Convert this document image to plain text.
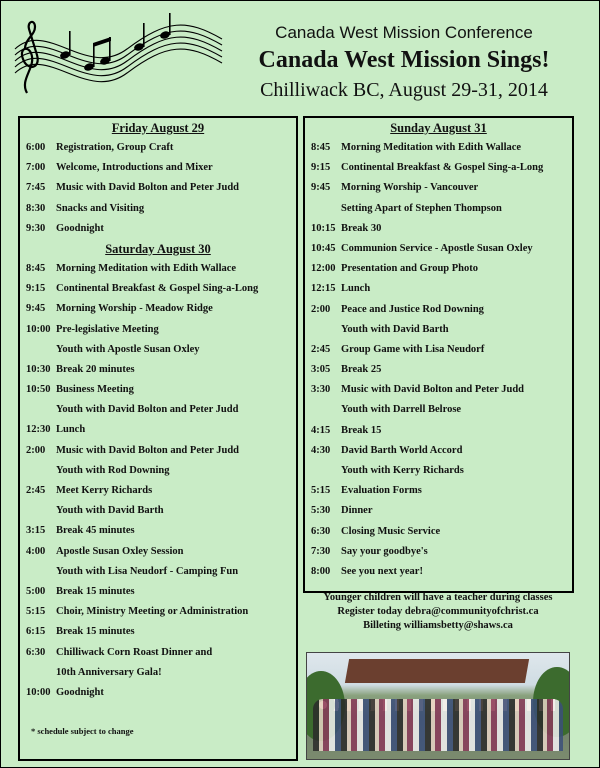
Canada West Mission Conference
Canada West Mission Sings!
Chilliwack BC, August 29-31, 2014
Friday August 29
6:00 Registration, Group Craft
7:00 Welcome, Introductions and Mixer
7:45 Music with David Bolton and Peter Judd
8:30 Snacks and Visiting
9:30 Goodnight
Saturday August 30
8:45 Morning Meditation with Edith Wallace
9:15 Continental Breakfast & Gospel Sing-a-Long
9:45 Morning Worship - Meadow Ridge
10:00 Pre-legislative Meeting
Youth with Apostle Susan Oxley
10:30 Break 20 minutes
10:50 Business Meeting
Youth with David Bolton and Peter Judd
12:30 Lunch
2:00 Music with David Bolton and Peter Judd
Youth with Rod Downing
2:45 Meet Kerry Richards
Youth with David Barth
3:15 Break 45 minutes
4:00 Apostle Susan Oxley Session
Youth with Lisa Neudorf - Camping Fun
5:00 Break 15 minutes
5:15 Choir, Ministry Meeting or Administration
6:15 Break 15 minutes
6:30 Chilliwack Corn Roast Dinner and
10th Anniversary Gala!
10:00 Goodnight
Sunday August 31
8:45 Morning Meditation with Edith Wallace
9:15 Continental Breakfast & Gospel Sing-a-Long
9:45 Morning Worship - Vancouver
Setting Apart of Stephen Thompson
10:15 Break 30
10:45 Communion Service - Apostle Susan Oxley
12:00 Presentation and Group Photo
12:15 Lunch
2:00 Peace and Justice Rod Downing
Youth with David Barth
2:45 Group Game with Lisa Neudorf
3:05 Break 25
3:30 Music with David Bolton and Peter Judd
Youth with Darrell Belrose
4:15 Break 15
4:30 David Barth World Accord
Youth with Kerry Richards
5:15 Evaluation Forms
5:30 Dinner
6:30 Closing Music Service
7:30 Say your goodbye's
8:00 See you next year!
* schedule subject to change
Younger children will have a teacher during classes
Register today debra@communityofchrist.ca
Billeting williamsbetty@shaws.ca
